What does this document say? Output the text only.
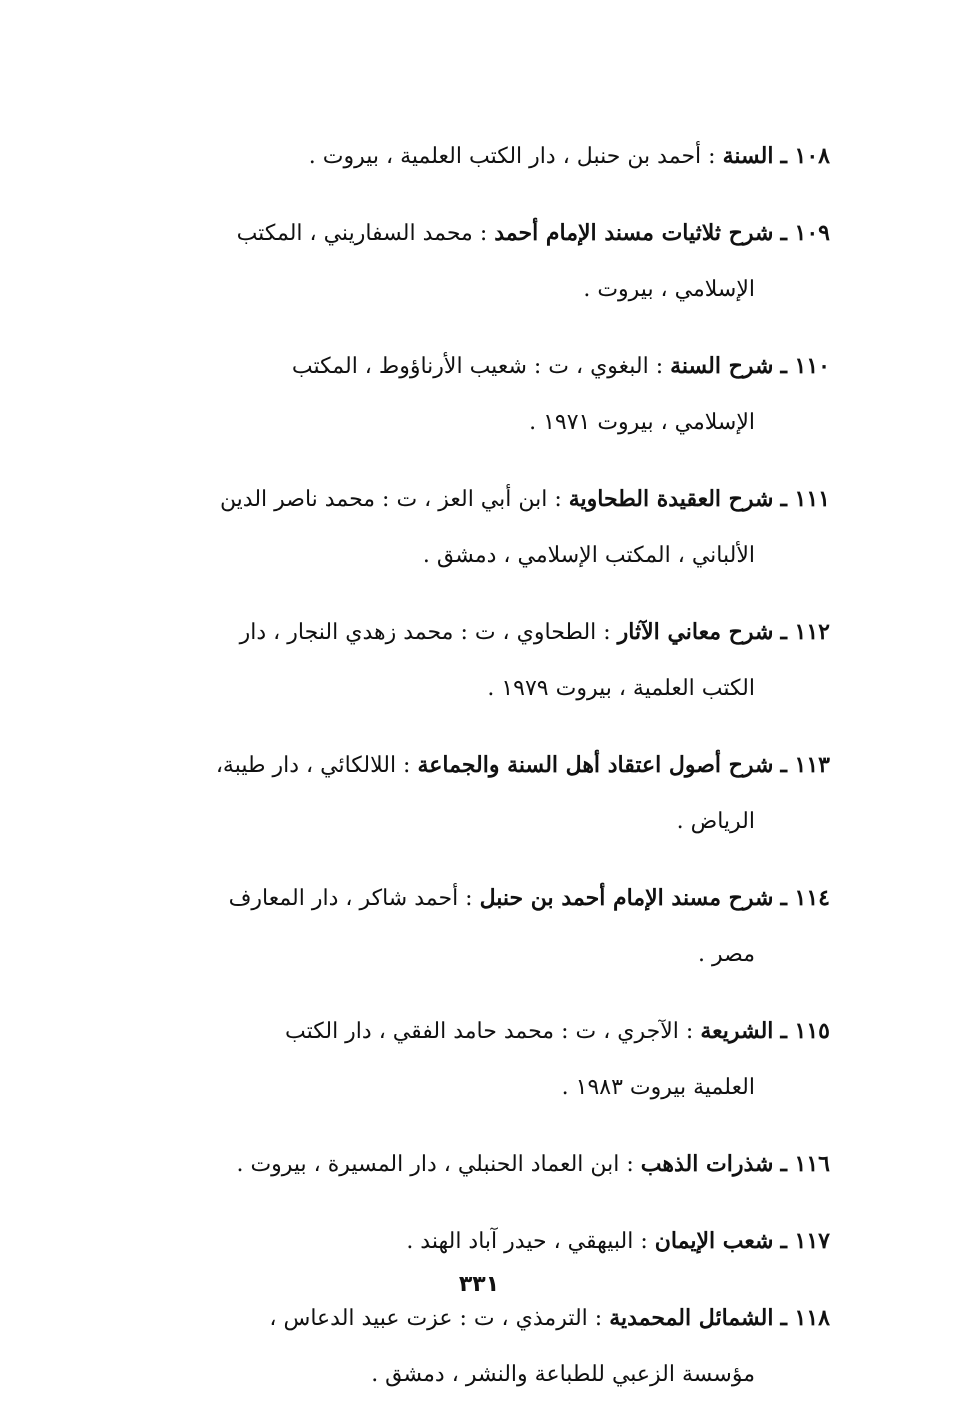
١٠٨ ـ السنة : أحمد بن حنبل ، دار الكتب العلمية ، بيروت .
١٠٩ ـ شرح ثلاثيات مسند الإمام أحمد : محمد السفاريني ، المكتب
الإسلامي ، بيروت .
١١٠ ـ شرح السنة : البغوي ، ت : شعيب الأرناؤوط ، المكتب
الإسلامي ، بيروت ١٩٧١ .
١١١ ـ شرح العقيدة الطحاوية : ابن أبي العز ، ت : محمد ناصر الدين
الألباني ، المكتب الإسلامي ، دمشق .
١١٢ ـ شرح معاني الآثار : الطحاوي ، ت : محمد زهدي النجار ، دار
الكتب العلمية ، بيروت ١٩٧٩ .
١١٣ ـ شرح أصول اعتقاد أهل السنة والجماعة : اللالكائي ، دار طيبة،
الرياض .
١١٤ ـ شرح مسند الإمام أحمد بن حنبل : أحمد شاكر ، دار المعارف
مصر .
١١٥ ـ الشريعة : الآجري ، ت : محمد حامد الفقي ، دار الكتب
العلمية بيروت ١٩٨٣ .
١١٦ ـ شذرات الذهب : ابن العماد الحنبلي ، دار المسيرة ، بيروت .
١١٧ ـ شعب الإيمان : البيهقي ، حيدر آباد الهند .
١١٨ ـ الشمائل المحمدية : الترمذي ، ت : عزت عبيد الدعاس ،
مؤسسة الزعبي للطباعة والنشر ، دمشق .
٣٣١
